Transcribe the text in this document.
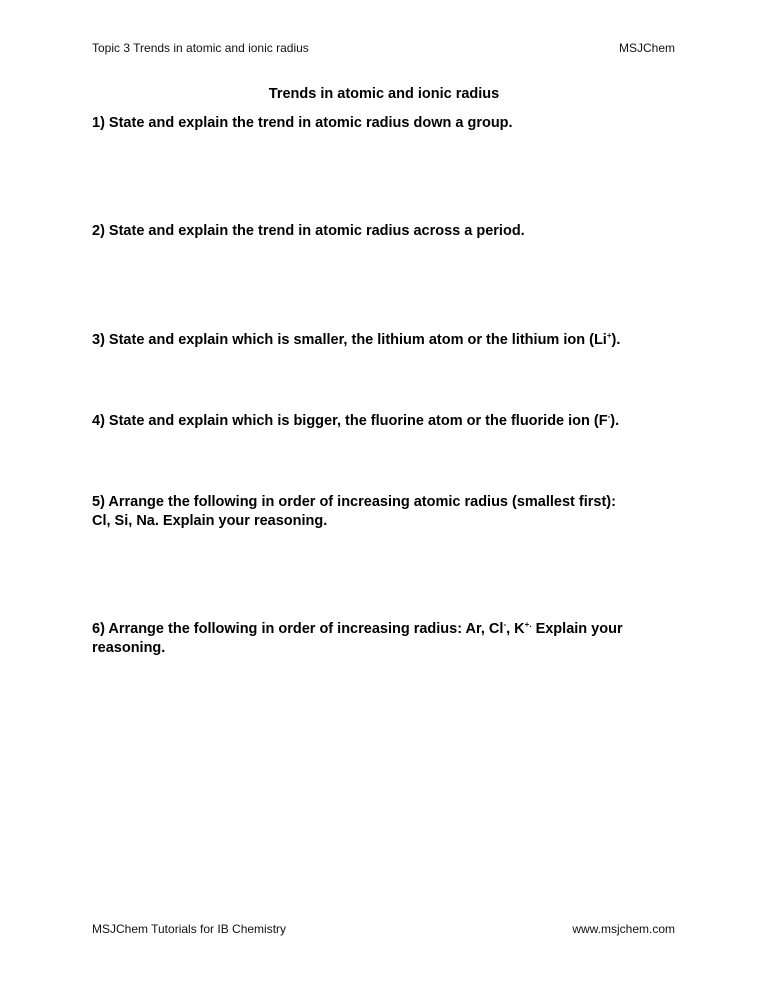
Topic 3 Trends in atomic and ionic radius	MSJChem
Trends in atomic and ionic radius
1) State and explain the trend in atomic radius down a group.
2) State and explain the trend in atomic radius across a period.
3) State and explain which is smaller, the lithium atom or the lithium ion (Li+).
4) State and explain which is bigger, the fluorine atom or the fluoride ion (F-).
5) Arrange the following in order of increasing atomic radius (smallest first):
Cl, Si, Na. Explain your reasoning.
6) Arrange the following in order of increasing radius: Ar, Cl-, K+. Explain your reasoning.
MSJChem Tutorials for IB Chemistry	www.msjchem.com
